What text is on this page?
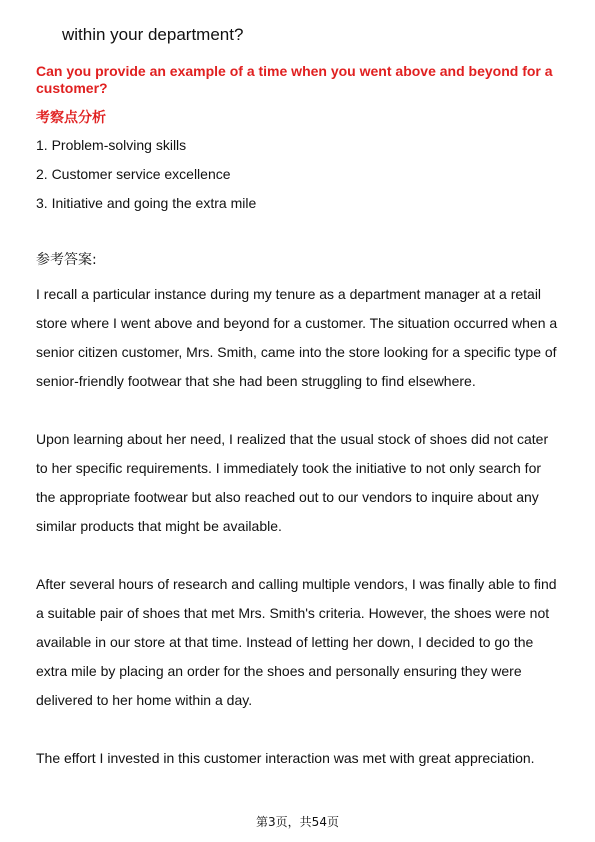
within your department?
Can you provide an example of a time when you went above and beyond for a customer?
考察点分析
1. Problem-solving skills
2. Customer service excellence
3. Initiative and going the extra mile
参考答案:

I recall a particular instance during my tenure as a department manager at a retail store where I went above and beyond for a customer. The situation occurred when a senior citizen customer, Mrs. Smith, came into the store looking for a specific type of senior-friendly footwear that she had been struggling to find elsewhere.

Upon learning about her need, I realized that the usual stock of shoes did not cater to her specific requirements. I immediately took the initiative to not only search for the appropriate footwear but also reached out to our vendors to inquire about any similar products that might be available.

After several hours of research and calling multiple vendors, I was finally able to find a suitable pair of shoes that met Mrs. Smith's criteria. However, the shoes were not available in our store at that time. Instead of letting her down, I decided to go the extra mile by placing an order for the shoes and personally ensuring they were delivered to her home within a day.

The effort I invested in this customer interaction was met with great appreciation.

第3页，共54页
